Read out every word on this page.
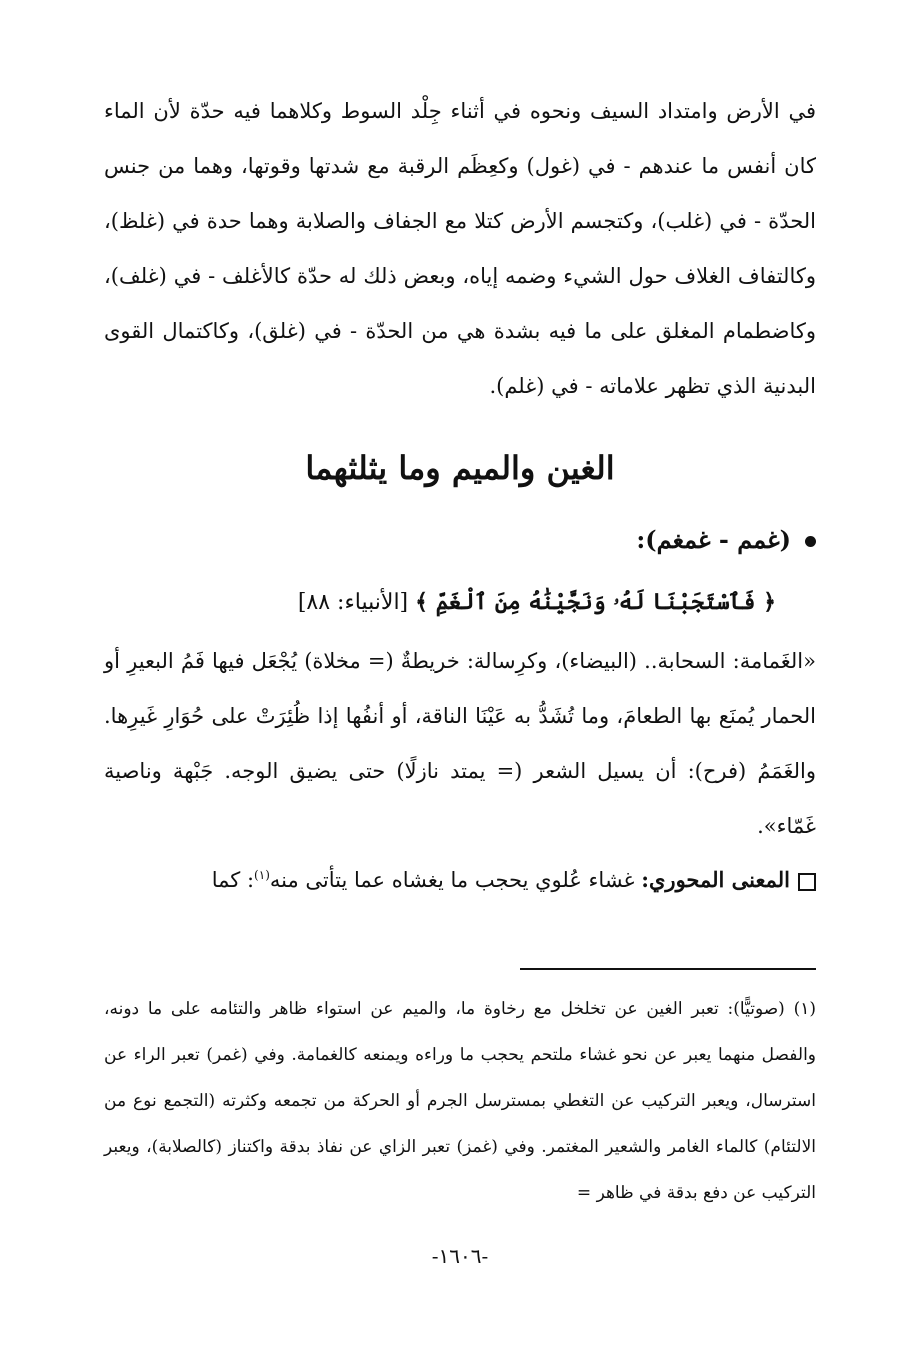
في الأرض وامتداد السيف ونحوه في أثناء جِلْد السوط وكلاهما فيه حدّة لأن الماء كان أنفس ما عندهم - في (غول) وكعِظَم الرقبة مع شدتها وقوتها، وهما من جنس الحدّة - في (غلب)، وكتجسم الأرض كتلا مع الجفاف والصلابة وهما حدة في (غلظ)، وكالتفاف الغلاف حول الشيء وضمه إياه، وبعض ذلك له حدّة كالأغلف - في (غلف)، وكاضطمام المغلق على ما فيه بشدة هي من الحدّة - في (غلق)، وكاكتمال القوى البدنية الذي تظهر علاماته - في (غلم).

الغين والميم وما يثلثهما

(غمم - غمغم):

﴿ فَٱسْتَجَبْنَا لَهُۥ وَنَجَّيْنَٰهُ مِنَ ٱلْغَمِّ ﴾ [الأنبياء: ٨٨]

«الغَمامة: السحابة.. (البيضاء)، وكرِسالة: خريطةٌ (= مخلاة) يُجْعَل فيها فَمُ البعيرِ أو الحمار يُمنَع بها الطعامَ، وما تُشَدُّ به عَيْنَا الناقة، أو أنفُها إذا ظُئِرَتْ على حُوَارِ غَيرِها. والغَمَمُ (فرح): أن يسيل الشعر (= يمتد نازلًا) حتى يضيق الوجه. جَبْهة وناصية غَمّاء».

المعنى المحوري: غشاء عُلوي يحجب ما يغشاه عما يتأتى منه$^{(١)}$: كما

(١) (صوتيًّا): تعبر الغين عن تخلخل مع رخاوة ما، والميم عن استواء ظاهر والتئامه على ما دونه، والفصل منهما يعبر عن نحو غشاء ملتحم يحجب ما وراءه ويمنعه كالغمامة. وفي (غمر) تعبر الراء عن استرسال، ويعبر التركيب عن التغطي بمسترسل الجرم أو الحركة من تجمعه وكثرته (التجمع نوع من الالتئام) كالماء الغامر والشعير المغتمر. وفي (غمز) تعبر الزاي عن نفاذ بدقة واكتناز (كالصلابة)، ويعبر التركيب عن دفع بدقة في ظاهر =

-١٦٠٦-
